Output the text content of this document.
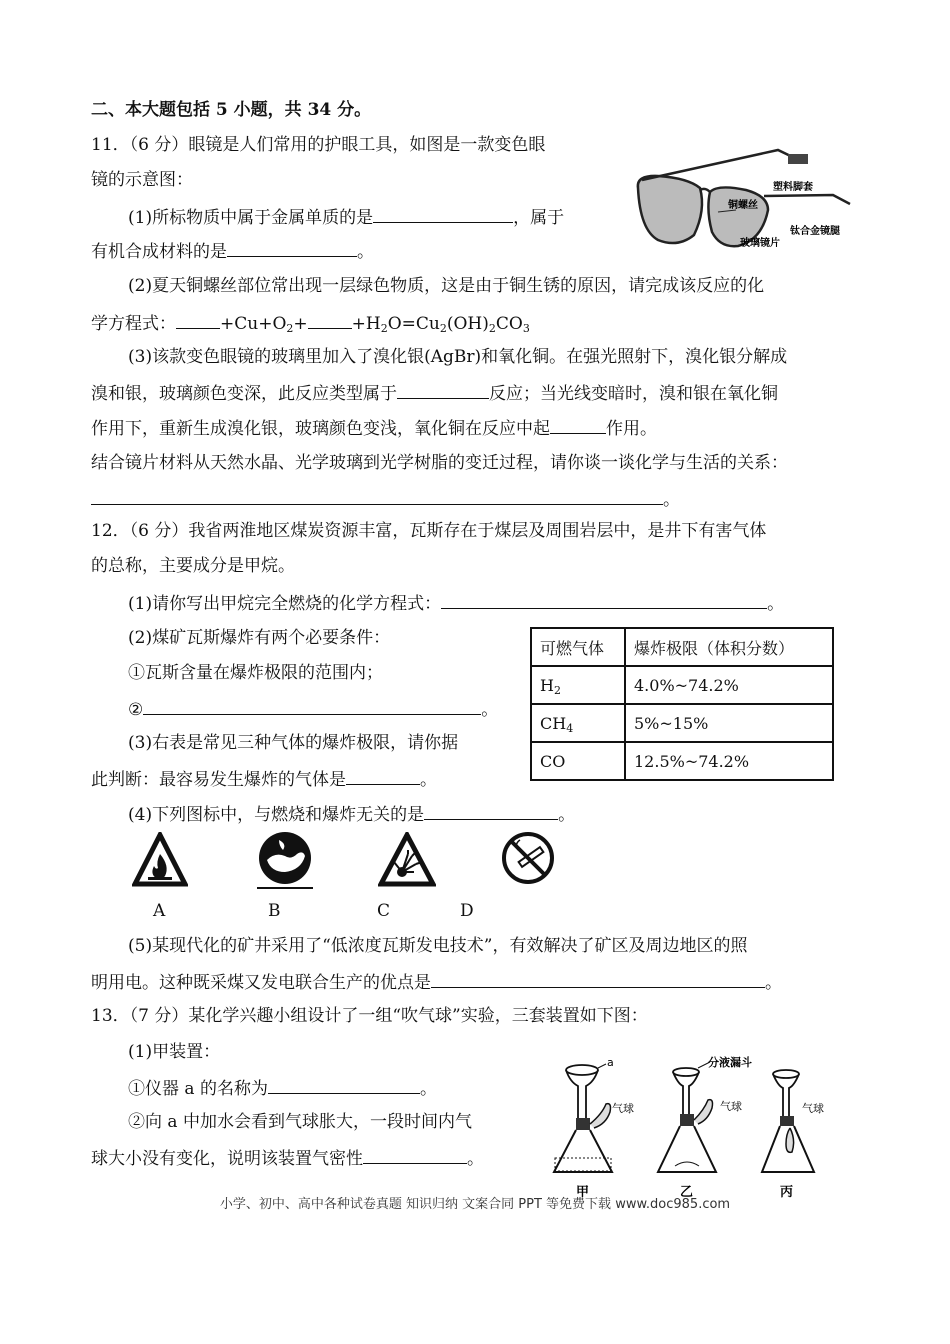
二、本大题包括 5 小题，共 34 分。
11．（6 分）眼镜是人们常用的护眼工具，如图是一款变色眼
镜的示意图：
(1)所标物质中属于金属单质的是	，属于
有机合成材料的是	。
塑料脚套
铜螺丝
钛合金镜腿
玻璃镜片
(2)夏天铜螺丝部位常出现一层绿色物质，这是由于铜生锈的原因，请完成该反应的化
学方程式：	$+Cu+O_2+$	$+H_2O=Cu_2(OH)_2CO_3$
(3)该款变色眼镜的玻璃里加入了溴化银(AgBr)和氧化铜。在强光照射下，溴化银分解成
溴和银，玻璃颜色变深，此反应类型属于	反应；当光线变暗时，溴和银在氧化铜
作用下，重新生成溴化银，玻璃颜色变浅，氧化铜在反应中起	作用。
结合镜片材料从天然水晶、光学玻璃到光学树脂的变迁过程，请你谈一谈化学与生活的关系：
。
12．（6 分）我省两淮地区煤炭资源丰富，瓦斯存在于煤层及周围岩层中，是井下有害气体
的总称，主要成分是甲烷。
(1)请你写出甲烷完全燃烧的化学方程式：	。
(2)煤矿瓦斯爆炸有两个必要条件：
①瓦斯含量在爆炸极限的范围内；
②	。
(3)右表是常见三种气体的爆炸极限，请你据
此判断：最容易发生爆炸的气体是	。
可燃气体	爆炸极限（体积分数）
$H_2$	4.0%~74.2%
$CH_4$	5%~15%
CO	12.5%~74.2%
(4)下列图标中，与燃烧和爆炸无关的是	。
A	B	C	D
(5)某现代化的矿井采用了“低浓度瓦斯发电技术”，有效解决了矿区及周边地区的照
明用电。这种既采煤又发电联合生产的优点是	。
13．（7 分）某化学兴趣小组设计了一组“吹气球”实验，三套装置如下图：
(1)甲装置：
①仪器 a 的名称为	。
②向 a 中加水会看到气球胀大，一段时间内气
球大小没有变化，说明该装置气密性	。
a
气球
甲
分液漏斗
气球
乙
气球
丙
小学、初中、高中各种试卷真题 知识归纳 文案合同 PPT 等免费下载 www.doc985.com
